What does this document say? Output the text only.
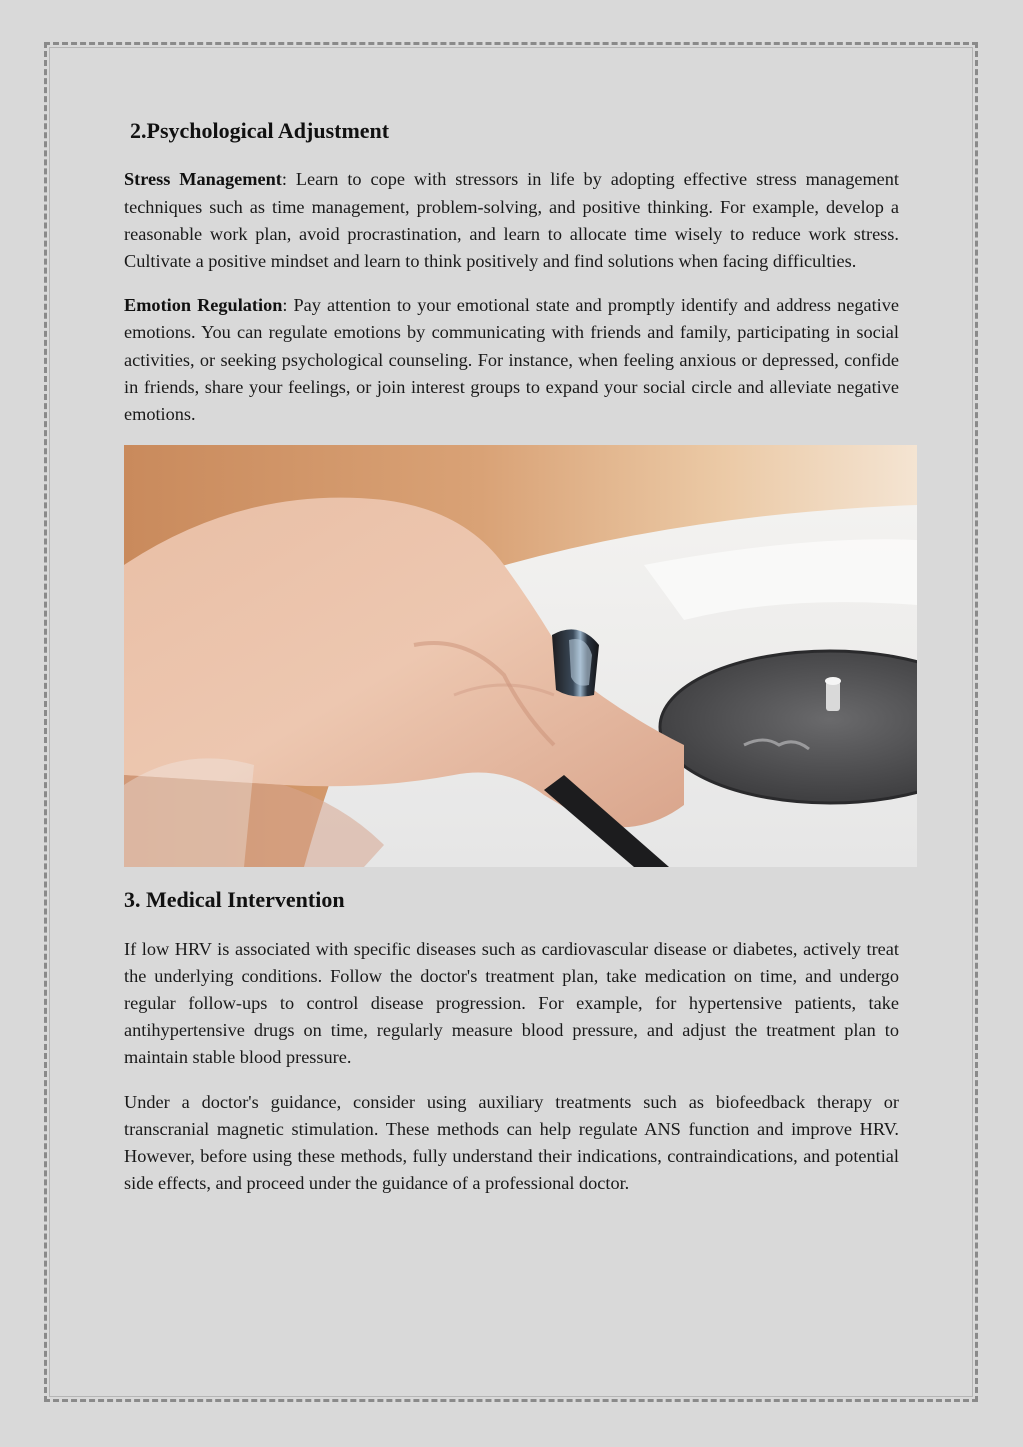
2.Psychological Adjustment

Stress Management: Learn to cope with stressors in life by adopting effective stress management techniques such as time management, problem-solving, and positive thinking. For example, develop a reasonable work plan, avoid procrastination, and learn to allocate time wisely to reduce work stress. Cultivate a positive mindset and learn to think positively and find solutions when facing difficulties.

Emotion Regulation: Pay attention to your emotional state and promptly identify and address negative emotions. You can regulate emotions by communicating with friends and family, participating in social activities, or seeking psychological counseling. For instance, when feeling anxious or depressed, confide in friends, share your feelings, or join interest groups to expand your social circle and alleviate negative emotions.

3. Medical Intervention

If low HRV is associated with specific diseases such as cardiovascular disease or diabetes, actively treat the underlying conditions. Follow the doctor's treatment plan, take medication on time, and undergo regular follow-ups to control disease progression. For example, for hypertensive patients, take antihypertensive drugs on time, regularly measure blood pressure, and adjust the treatment plan to maintain stable blood pressure.

Under a doctor's guidance, consider using auxiliary treatments such as biofeedback therapy or transcranial magnetic stimulation. These methods can help regulate ANS function and improve HRV. However, before using these methods, fully understand their indications, contraindications, and potential side effects, and proceed under the guidance of a professional doctor.
